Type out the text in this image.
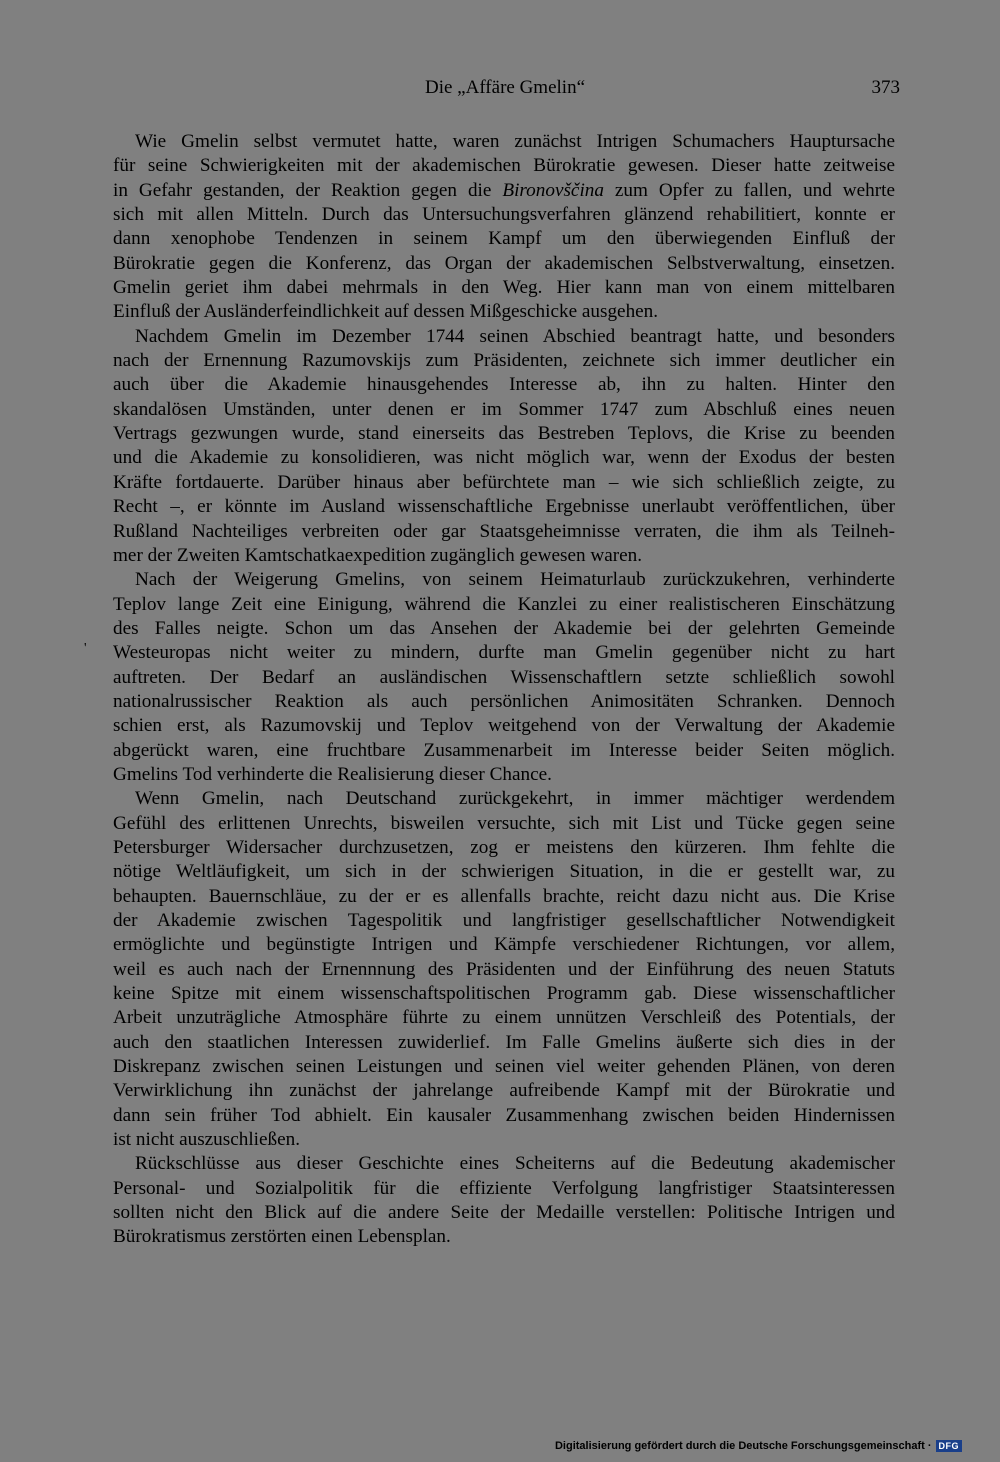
Die „Affäre Gmelin“	373
'

Wie Gmelin selbst vermutet hatte, waren zunächst Intrigen Schumachers Hauptursache

für seine Schwierigkeiten mit der akademischen Bürokratie gewesen. Dieser hatte zeitweise

in Gefahr gestanden, der Reaktion gegen die Bironovščina zum Opfer zu fallen, und wehrte

sich mit allen Mitteln. Durch das Untersuchungsverfahren glänzend rehabilitiert, konnte er

dann xenophobe Tendenzen in seinem Kampf um den überwiegenden Einfluß der

Bürokratie gegen die Konferenz, das Organ der akademischen Selbstverwaltung, einsetzen.

Gmelin geriet ihm dabei mehrmals in den Weg. Hier kann man von einem mittelbaren

Einfluß der Ausländerfeindlichkeit auf dessen Mißgeschicke ausgehen.

Nachdem Gmelin im Dezember 1744 seinen Abschied beantragt hatte, und besonders

nach der Ernennung Razumovskijs zum Präsidenten, zeichnete sich immer deutlicher ein

auch über die Akademie hinausgehendes Interesse ab, ihn zu halten. Hinter den

skandalösen Umständen, unter denen er im Sommer 1747 zum Abschluß eines neuen

Vertrags gezwungen wurde, stand einerseits das Bestreben Teplovs, die Krise zu beenden

und die Akademie zu konsolidieren, was nicht möglich war, wenn der Exodus der besten

Kräfte fortdauerte. Darüber hinaus aber befürchtete man – wie sich schließlich zeigte, zu

Recht –, er könnte im Ausland wissenschaftliche Ergebnisse unerlaubt veröffentlichen, über

Rußland Nachteiliges verbreiten oder gar Staatsgeheimnisse verraten, die ihm als Teilneh-

mer der Zweiten Kamtschatkaexpedition zugänglich gewesen waren.

Nach der Weigerung Gmelins, von seinem Heimaturlaub zurückzukehren, verhinderte

Teplov lange Zeit eine Einigung, während die Kanzlei zu einer realistischeren Einschätzung

des Falles neigte. Schon um das Ansehen der Akademie bei der gelehrten Gemeinde

Westeuropas nicht weiter zu mindern, durfte man Gmelin gegenüber nicht zu hart

auftreten. Der Bedarf an ausländischen Wissenschaftlern setzte schließlich sowohl

nationalrussischer Reaktion als auch persönlichen Animositäten Schranken. Dennoch

schien erst, als Razumovskij und Teplov weitgehend von der Verwaltung der Akademie

abgerückt waren, eine fruchtbare Zusammenarbeit im Interesse beider Seiten möglich.

Gmelins Tod verhinderte die Realisierung dieser Chance.

Wenn Gmelin, nach Deutschand zurückgekehrt, in immer mächtiger werdendem

Gefühl des erlittenen Unrechts, bisweilen versuchte, sich mit List und Tücke gegen seine

Petersburger Widersacher durchzusetzen, zog er meistens den kürzeren. Ihm fehlte die

nötige Weltläufigkeit, um sich in der schwierigen Situation, in die er gestellt war, zu

behaupten. Bauernschläue, zu der er es allenfalls brachte, reicht dazu nicht aus. Die Krise

der Akademie zwischen Tagespolitik und langfristiger gesellschaftlicher Notwendigkeit

ermöglichte und begünstigte Intrigen und Kämpfe verschiedener Richtungen, vor allem,

weil es auch nach der Ernennnung des Präsidenten und der Einführung des neuen Statuts

keine Spitze mit einem wissenschaftspolitischen Programm gab. Diese wissenschaftlicher

Arbeit unzuträgliche Atmosphäre führte zu einem unnützen Verschleiß des Potentials, der

auch den staatlichen Interessen zuwiderlief. Im Falle Gmelins äußerte sich dies in der

Diskrepanz zwischen seinen Leistungen und seinen viel weiter gehenden Plänen, von deren

Verwirklichung ihn zunächst der jahrelange aufreibende Kampf mit der Bürokratie und

dann sein früher Tod abhielt. Ein kausaler Zusammenhang zwischen beiden Hindernissen

ist nicht auszuschließen.

Rückschlüsse aus dieser Geschichte eines Scheiterns auf die Bedeutung akademischer

Personal- und Sozialpolitik für die effiziente Verfolgung langfristiger Staatsinteressen

sollten nicht den Blick auf die andere Seite der Medaille verstellen: Politische Intrigen und

Bürokratismus zerstörten einen Lebensplan.

Digitalisierung gefördert durch die Deutsche Forschungsgemeinschaft · DFG
